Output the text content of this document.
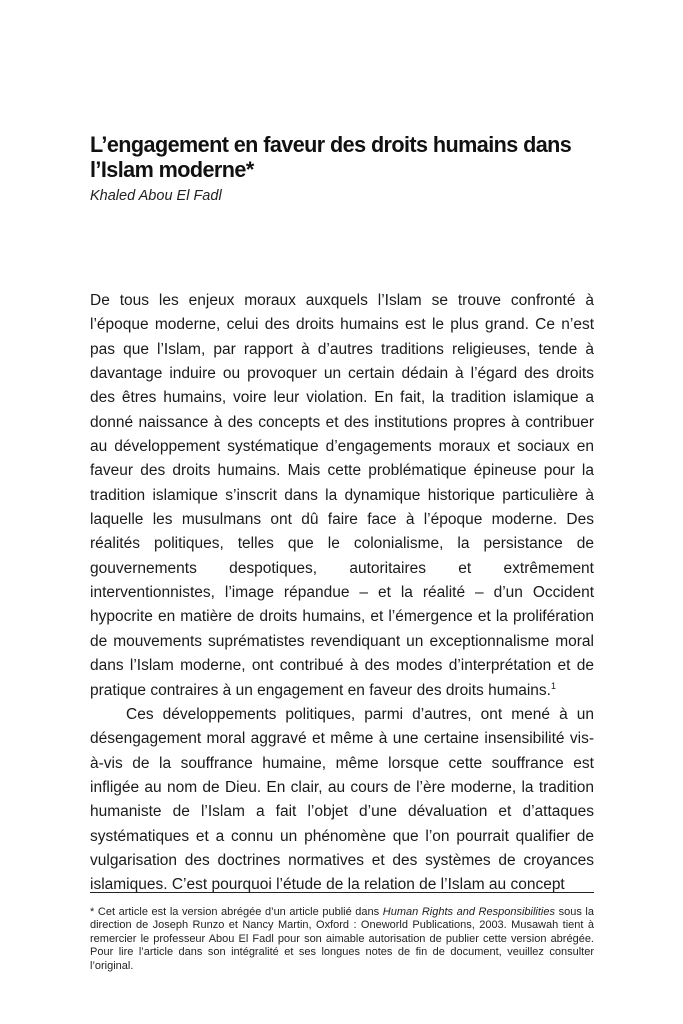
L’engagement en faveur des droits humains dans l’Islam moderne*
Khaled Abou El Fadl

De tous les enjeux moraux auxquels l’Islam se trouve confronté à l’époque moderne, celui des droits humains est le plus grand. Ce n’est pas que l’Islam, par rapport à d’autres traditions religieuses, tende à davantage induire ou provoquer un certain dédain à l’égard des droits des êtres humains, voire leur violation. En fait, la tradition islamique a donné naissance à des concepts et des institutions propres à contribuer au développement systématique d’engagements moraux et sociaux en faveur des droits humains. Mais cette problématique épineuse pour la tradition islamique s’inscrit dans la dynamique historique particulière à laquelle les musulmans ont dû faire face à l’époque moderne. Des réalités politiques, telles que le colonialisme, la persistance de gouvernements despotiques, autoritaires et extrêmement interventionnistes, l’image répandue – et la réalité – d’un Occident hypocrite en matière de droits humains, et l’émergence et la prolifération de mouvements suprématistes revendiquant un exceptionnalisme moral dans l’Islam moderne, ont contribué à des modes d’interprétation et de pratique contraires à un engagement en faveur des droits humains.$^1$

Ces développements politiques, parmi d’autres, ont mené à un désengagement moral aggravé et même à une certaine insensibilité vis-à-vis de la souffrance humaine, même lorsque cette souffrance est infligée au nom de Dieu. En clair, au cours de l’ère moderne, la tradition humaniste de l’Islam a fait l’objet d’une dévaluation et d’attaques systématiques et a connu un phénomène que l’on pourrait qualifier de vulgarisation des doctrines normatives et des systèmes de croyances islamiques. C’est pourquoi l’étude de la relation de l’Islam au concept

* Cet article est la version abrégée d’un article publié dans Human Rights and Responsibilities sous la direction de Joseph Runzo et Nancy Martin, Oxford : Oneworld Publications, 2003. Musawah tient à remercier le professeur Abou El Fadl pour son aimable autorisation de publier cette version abrégée. Pour lire l’article dans son intégralité et ses longues notes de fin de document, veuillez consulter l’original.
